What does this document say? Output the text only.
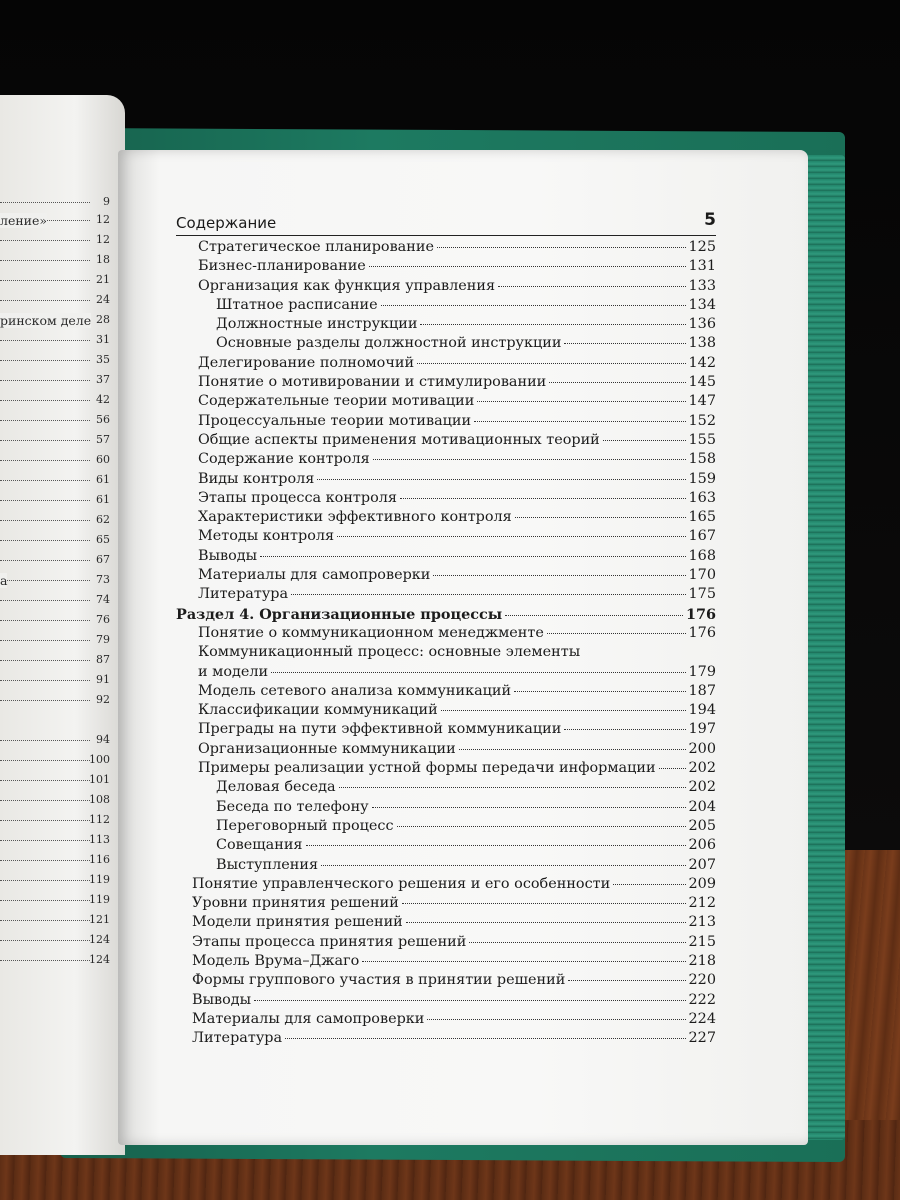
9
ление»	12
12
18
21
24
ринском деле 28
31
35
37
42
56
57
60
61
61
62
65
67
а	73
74
76
79
87
91
92
94
100
101
108
112
113
116
119
119
121
124
124
Содержание	5
Стратегическое планирование	125
Бизнес-планирование	131
Организация как функция управления	133
Штатное расписание	134
Должностные инструкции	136
Основные разделы должностной инструкции	138
Делегирование полномочий	142
Понятие о мотивировании и стимулировании	145
Содержательные теории мотивации	147
Процессуальные теории мотивации	152
Общие аспекты применения мотивационных теорий	155
Содержание контроля	158
Виды контроля	159
Этапы процесса контроля	163
Характеристики эффективного контроля	165
Методы контроля	167
Выводы	168
Материалы для самопроверки	170
Литература	175
Раздел 4. Организационные процессы	176
Понятие о коммуникационном менеджменте	176
Коммуникационный процесс: основные элементы
и модели	179
Модель сетевого анализа коммуникаций	187
Классификации коммуникаций	194
Преграды на пути эффективной коммуникации	197
Организационные коммуникации	200
Примеры реализации устной формы передачи информации 202
Деловая беседа	202
Беседа по телефону	204
Переговорный процесс	205
Совещания	206
Выступления	207
Понятие управленческого решения и его особенности	209
Уровни принятия решений	212
Модели принятия решений	213
Этапы процесса принятия решений	215
Модель Врума–Джаго	218
Формы группового участия в принятии решений	220
Выводы	222
Материалы для самопроверки	224
Литература	227
